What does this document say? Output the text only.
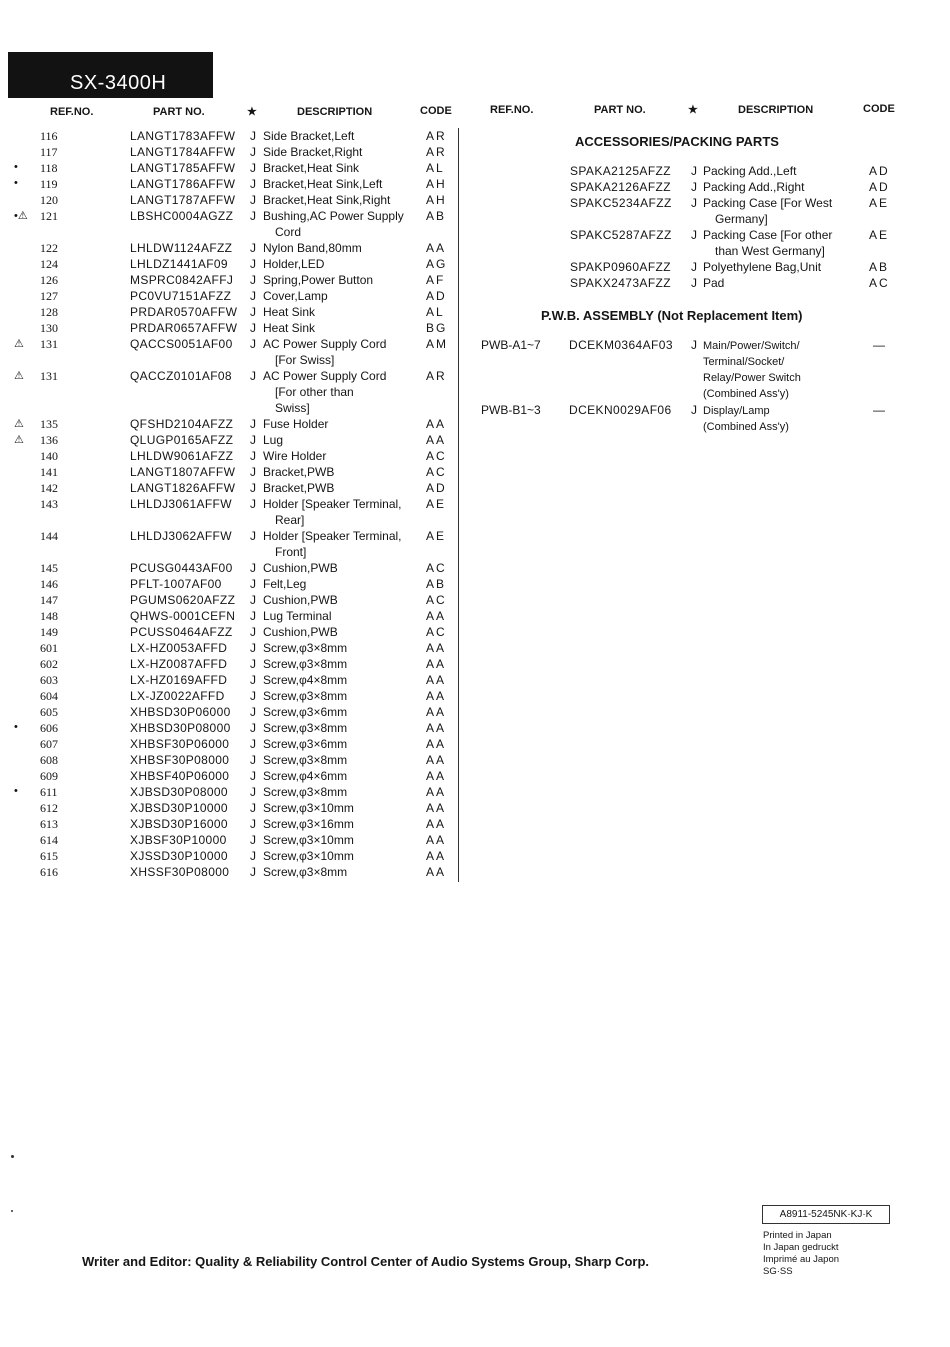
SX-3400H
REF.NO.	PART NO.	★	DESCRIPTION	CODE	REF.NO.	PART NO.	★	DESCRIPTION	CODE
116	LANGT1783AFFW J Side Bracket,Left	AR
117	LANGT1784AFFW J Side Bracket,Right	AR
• 118	LANGT1785AFFW J Bracket,Heat Sink	AL
• 119	LANGT1786AFFW J Bracket,Heat Sink,Left	AH
120	LANGT1787AFFW J Bracket,Heat Sink,Right	AH
•⚠ 121	LBSHC0004AGZZ J Bushing,AC Power Supply AB
Cord
122	LHLDW1124AFZZ J Nylon Band,80mm	AA
124	LHLDZ1441AF09 J Holder,LED	AG
126	MSPRC0842AFFJ J Spring,Power Button	AF
127	PC0VU7151AFZZ J Cover,Lamp	AD
128	PRDAR0570AFFW J Heat Sink	AL
130	PRDAR0657AFFW J Heat Sink	BG
⚠ 131	QACCS0051AF00 J AC Power Supply Cord	AM
[For Swiss]
⚠ 131	QACCZ0101AF08 J AC Power Supply Cord	AR
[For other than
Swiss]
⚠ 135	QFSHD2104AFZZ J Fuse Holder	AA
⚠ 136	QLUGP0165AFZZ J Lug	AA
140	LHLDW9061AFZZ J Wire Holder	AC
141	LANGT1807AFFW J Bracket,PWB	AC
142	LANGT1826AFFW J Bracket,PWB	AD
143	LHLDJ3061AFFW J Holder [Speaker Terminal, AE
Rear]
144	LHLDJ3062AFFW J Holder [Speaker Terminal, AE
Front]
145	PCUSG0443AF00 J Cushion,PWB	AC
146	PFLT-1007AF00 J Felt,Leg	AB
147	PGUMS0620AFZZ J Cushion,PWB	AC
148	QHWS-0001CEFN J Lug Terminal	AA
149	PCUSS0464AFZZ J Cushion,PWB	AC
601	LX-HZ0053AFFD J Screw,φ3×8mm	AA
602	LX-HZ0087AFFD J Screw,φ3×8mm	AA
603	LX-HZ0169AFFD J Screw,φ4×8mm	AA
604	LX-JZ0022AFFD J Screw,φ3×8mm	AA
605	XHBSD30P06000 J Screw,φ3×6mm	AA
• 606	XHBSD30P08000 J Screw,φ3×8mm	AA
607	XHBSF30P06000 J Screw,φ3×6mm	AA
608	XHBSF30P08000 J Screw,φ3×8mm	AA
609	XHBSF40P06000 J Screw,φ4×6mm	AA
• 611	XJBSD30P08000 J Screw,φ3×8mm	AA
612	XJBSD30P10000 J Screw,φ3×10mm	AA
613	XJBSD30P16000 J Screw,φ3×16mm	AA
614	XJBSF30P10000 J Screw,φ3×10mm	AA
615	XJSSD30P10000 J Screw,φ3×10mm	AA
616	XHSSF30P08000 J Screw,φ3×8mm	AA
ACCESSORIES/PACKING PARTS
SPAKA2125AFZZ J Packing Add.,Left	AD
SPAKA2126AFZZ J Packing Add.,Right	AD
SPAKC5234AFZZ J Packing Case [For West	AE
Germany]
SPAKC5287AFZZ J Packing Case [For other	AE
than West Germany]
SPAKP0960AFZZ J Polyethylene Bag,Unit	AB
SPAKX2473AFZZ J Pad	AC
P.W.B. ASSEMBLY (Not Replacement Item)
PWB-A1~7 DCEKM0364AF03 J Main/Power/Switch/
Terminal/Socket/
Relay/Power Switch
(Combined Ass'y)
—
PWB-B1~3 DCEKN0029AF06 J Display/Lamp
(Combined Ass'y)
—
A8911-5245NK·KJ·K
Printed in Japan
In Japan gedruckt
Imprimé au Japon
SG·SS
Writer and Editor: Quality & Reliability Control Center of Audio Systems Group, Sharp Corp.
